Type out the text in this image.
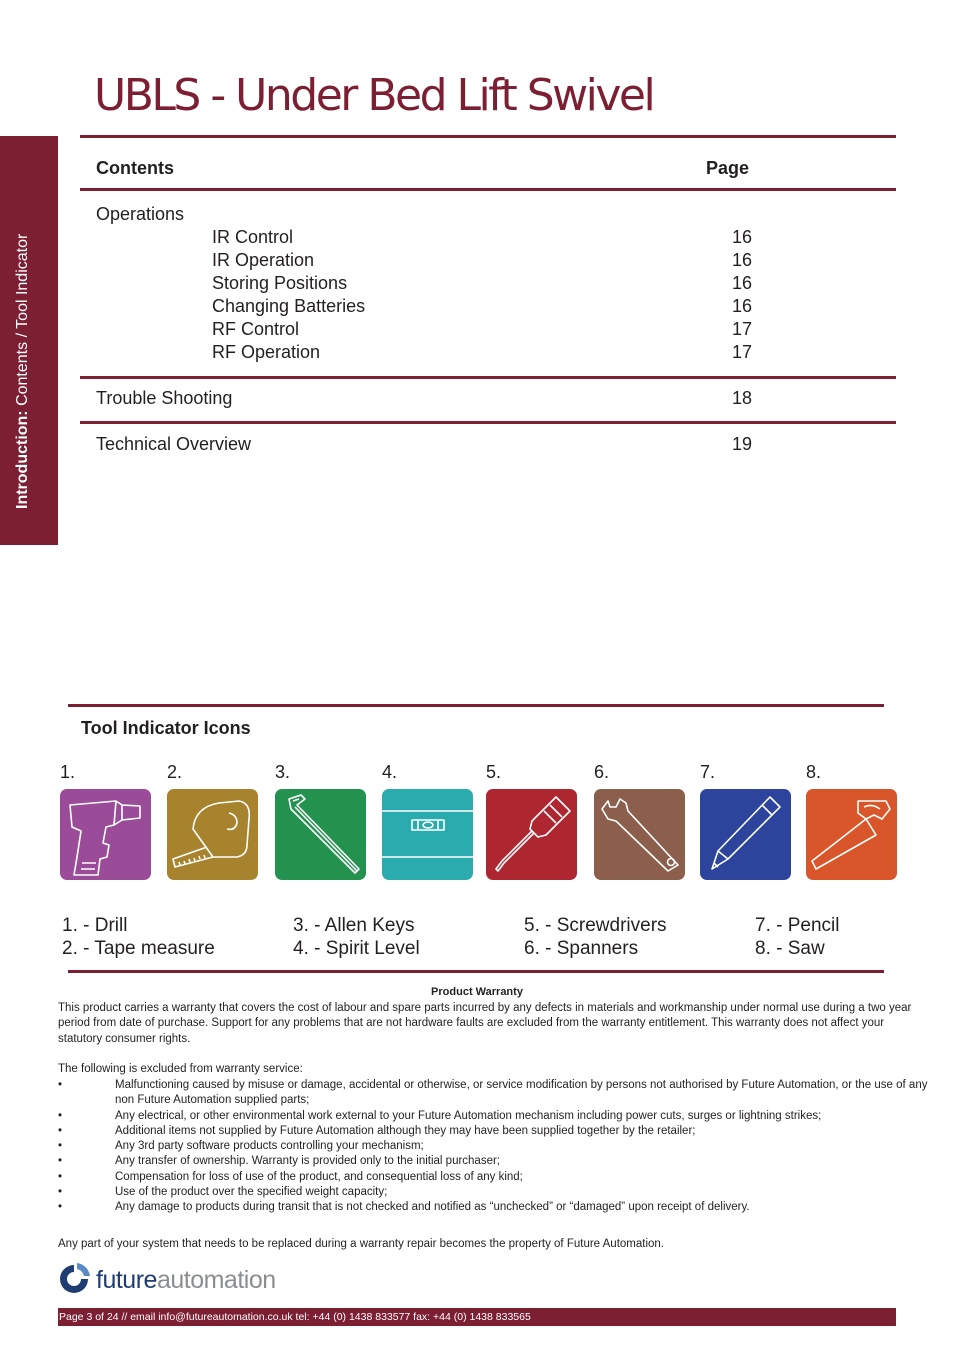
UBLS - Under Bed Lift Swivel
Introduction: Contents / Tool Indicator
Contents	Page
Operations
IR Control	16
IR Operation	16
Storing Positions	16
Changing Batteries	16
RF Control	17
RF Operation	17
Trouble Shooting	18
Technical Overview	19
Tool Indicator Icons
1.	2.	3.	4.	5.	6.	7.	8.
1. - Drill
2. - Tape measure
3. - Allen Keys
4. - Spirit Level
5. - Screwdrivers
6. - Spanners
7. - Pencil
8. - Saw
Product Warranty
This product carries a warranty that covers the cost of labour and spare parts incurred by any defects in materials and workmanship under normal use during a two year period from date of purchase. Support for any problems that are not hardware faults are excluded from the warranty entitlement. This warranty does not affect your statutory consumer rights.
The following is excluded from warranty service:
•	Malfunctioning caused by misuse or damage, accidental or otherwise, or service modification by persons not authorised by Future Automation, or the use of any non Future Automation supplied parts;
•	Any electrical, or other environmental work external to your Future Automation mechanism including power cuts, surges or lightning strikes;
•	Additional items not supplied by Future Automation although they may have been supplied together by the retailer;
•	Any 3rd party software products controlling your mechanism;
•	Any transfer of ownership. Warranty is provided only to the initial purchaser;
•	Compensation for loss of use of the product, and consequential loss of any kind;
•	Use of the product over the specified weight capacity;
•	Any damage to products during transit that is not checked and notified as “unchecked” or “damaged” upon receipt of delivery.
Any part of your system that needs to be replaced during a warranty repair becomes the property of Future Automation.
futureautomation
Page 3 of 24 // email info@futureautomation.co.uk tel: +44 (0) 1438 833577 fax: +44 (0) 1438 833565
